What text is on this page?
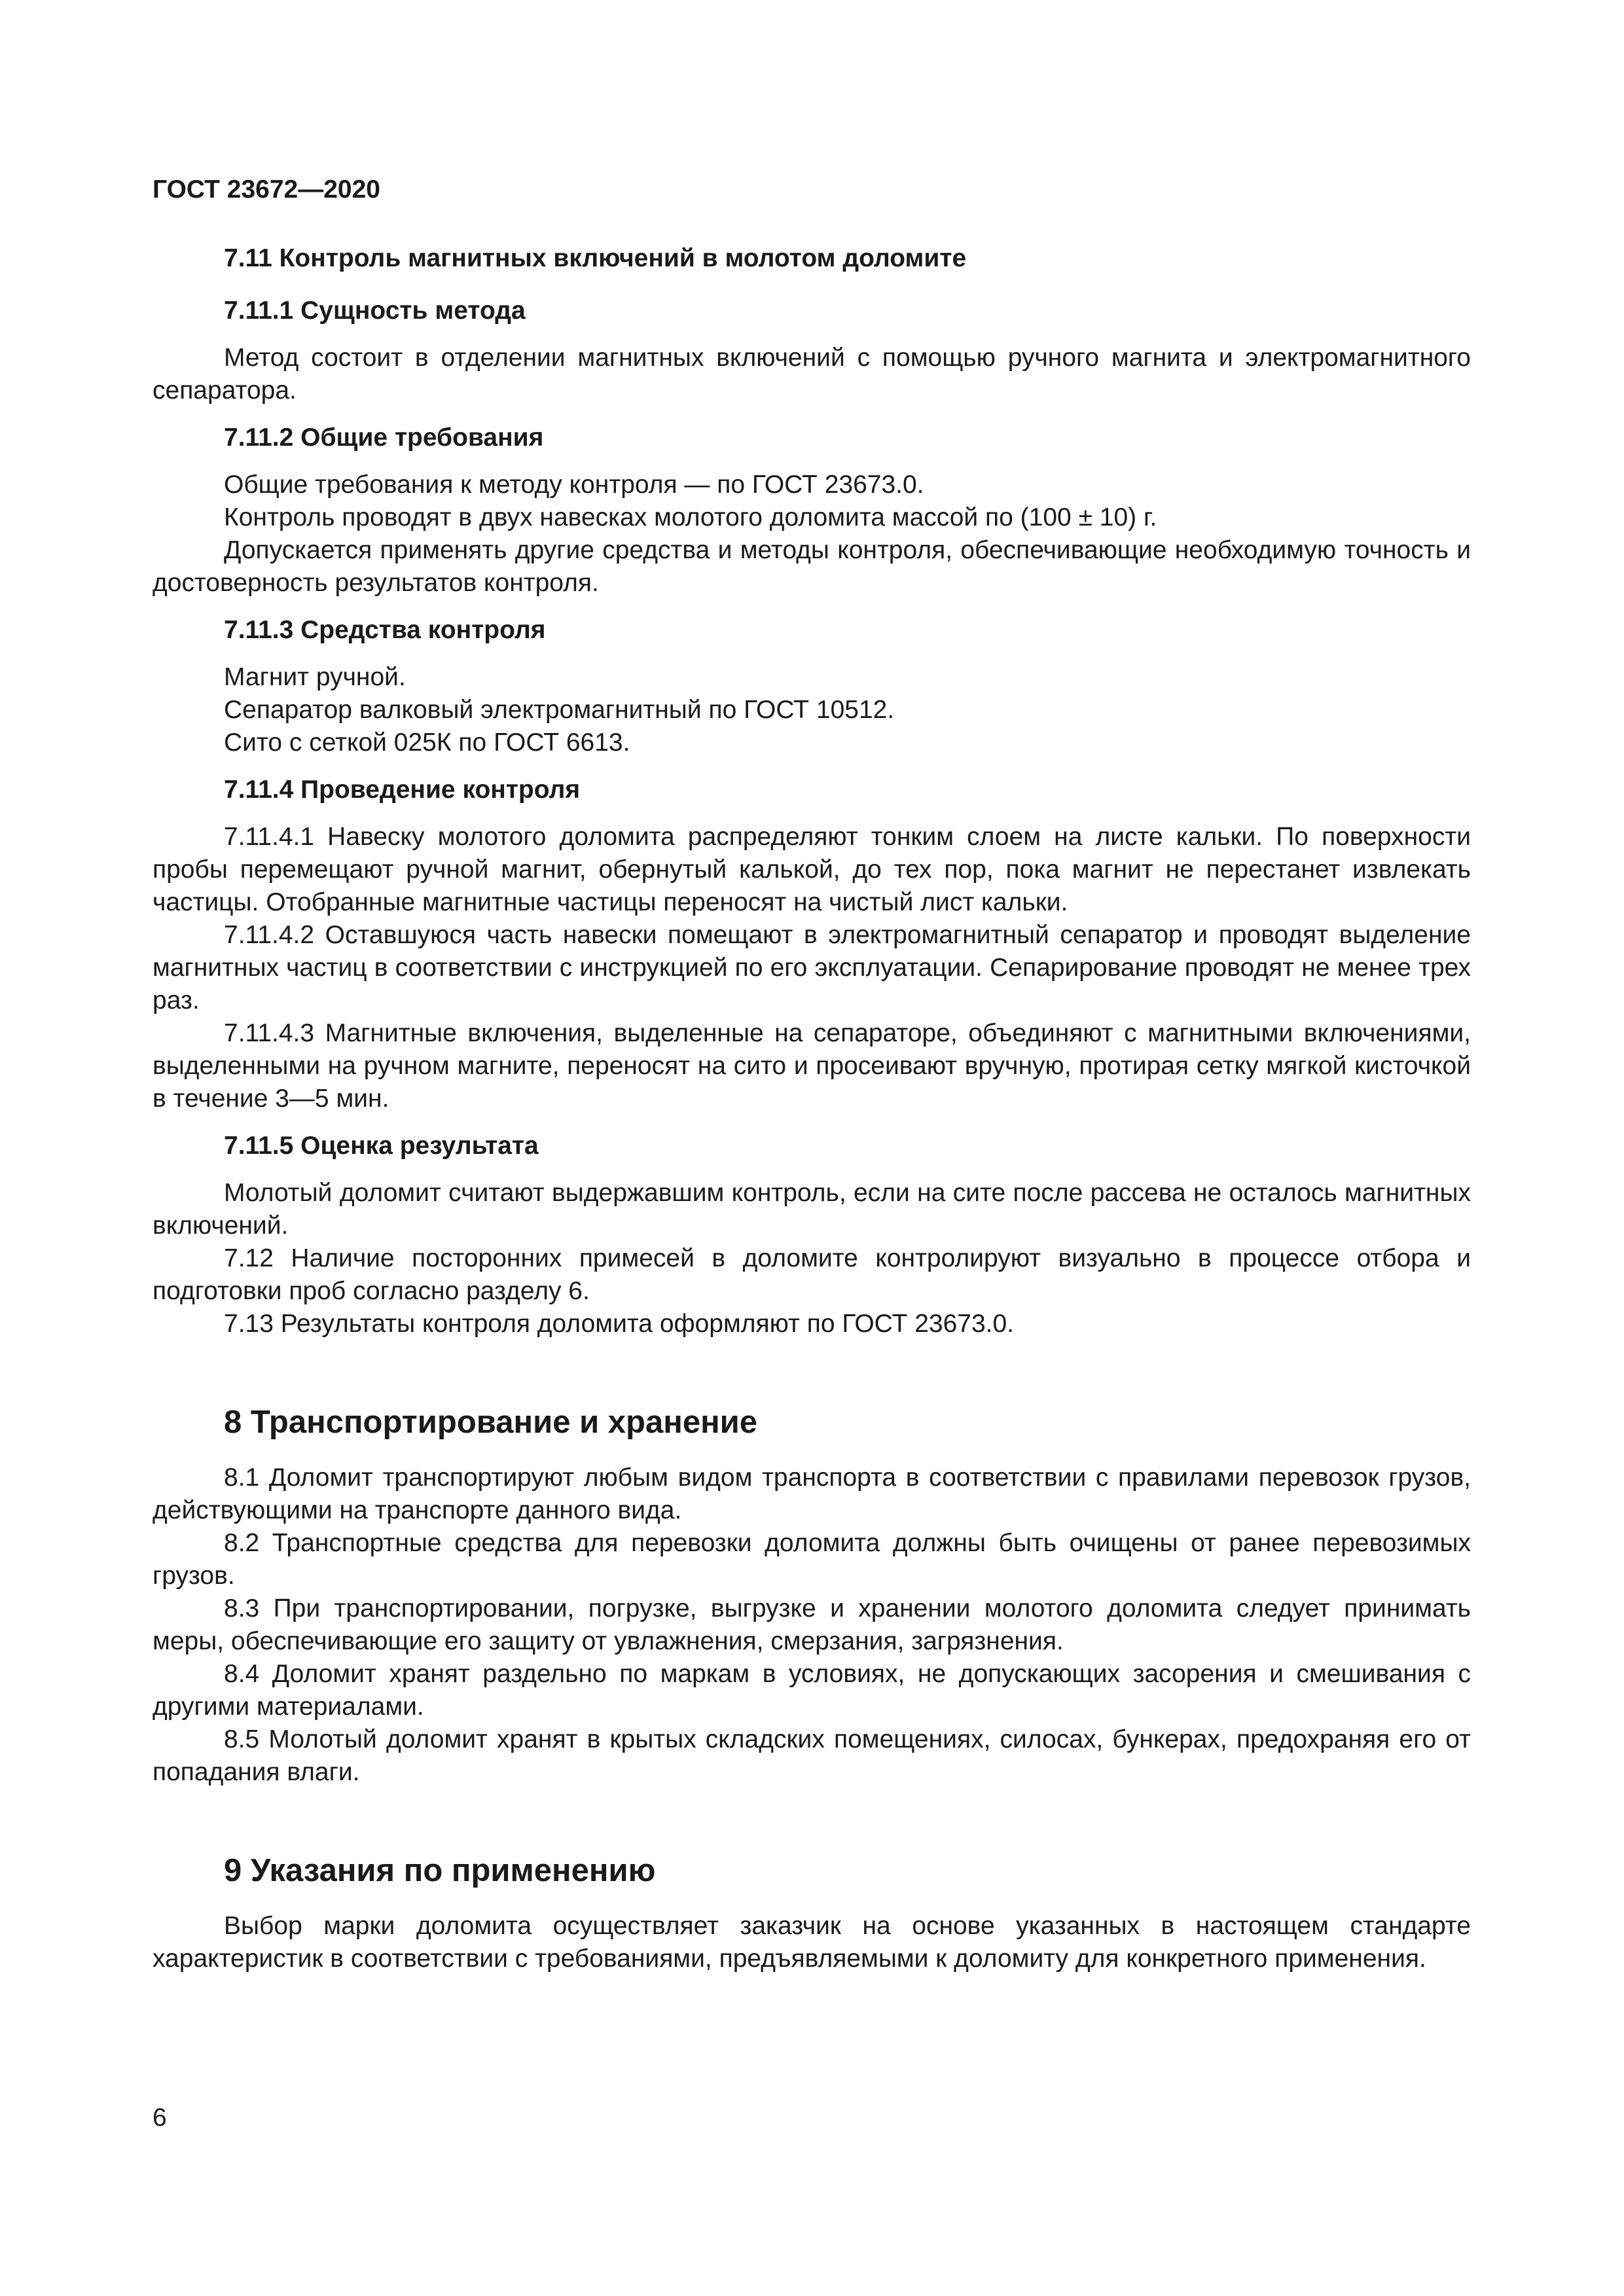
ГОСТ 23672—2020
7.11 Контроль магнитных включений в молотом доломите
7.11.1 Сущность метода

Метод состоит в отделении магнитных включений с помощью ручного магнита и электромагнитного сепаратора.

7.11.2 Общие требования

Общие требования к методу контроля — по ГОСТ 23673.0.

Контроль проводят в двух навесках молотого доломита массой по (100 ± 10) г.

Допускается применять другие средства и методы контроля, обеспечивающие необходимую точность и достоверность результатов контроля.

7.11.3 Средства контроля

Магнит ручной.

Сепаратор валковый электромагнитный по ГОСТ 10512.

Сито с сеткой 025К по ГОСТ 6613.

7.11.4 Проведение контроля

7.11.4.1 Навеску молотого доломита распределяют тонким слоем на листе кальки. По поверхности пробы перемещают ручной магнит, обернутый калькой, до тех пор, пока магнит не перестанет извлекать частицы. Отобранные магнитные частицы переносят на чистый лист кальки.

7.11.4.2 Оставшуюся часть навески помещают в электромагнитный сепаратор и проводят выделение магнитных частиц в соответствии с инструкцией по его эксплуатации. Сепарирование проводят не менее трех раз.

7.11.4.3 Магнитные включения, выделенные на сепараторе, объединяют с магнитными включениями, выделенными на ручном магните, переносят на сито и просеивают вручную, протирая сетку мягкой кисточкой в течение 3—5 мин.

7.11.5 Оценка результата

Молотый доломит считают выдержавшим контроль, если на сите после рассева не осталось магнитных включений.

7.12 Наличие посторонних примесей в доломите контролируют визуально в процессе отбора и подготовки проб согласно разделу 6.

7.13 Результаты контроля доломита оформляют по ГОСТ 23673.0.

8 Транспортирование и хранение

8.1 Доломит транспортируют любым видом транспорта в соответствии с правилами перевозок грузов, действующими на транспорте данного вида.

8.2 Транспортные средства для перевозки доломита должны быть очищены от ранее перевозимых грузов.

8.3 При транспортировании, погрузке, выгрузке и хранении молотого доломита следует принимать меры, обеспечивающие его защиту от увлажнения, смерзания, загрязнения.

8.4 Доломит хранят раздельно по маркам в условиях, не допускающих засорения и смешивания с другими материалами.

8.5 Молотый доломит хранят в крытых складских помещениях, силосах, бункерах, предохраняя его от попадания влаги.

9 Указания по применению

Выбор марки доломита осуществляет заказчик на основе указанных в настоящем стандарте характеристик в соответствии с требованиями, предъявляемыми к доломиту для конкретного применения.

6
